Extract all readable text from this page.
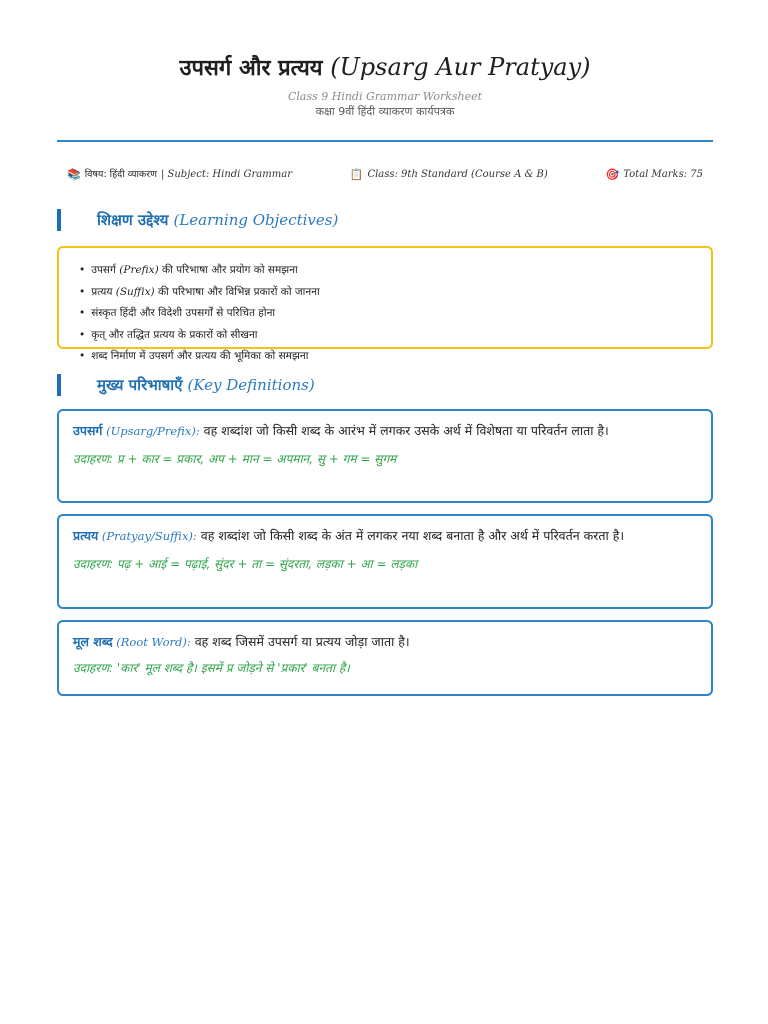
उपसर्ग और प्रत्यय (Upsarg Aur Pratyay)
Class 9 Hindi Grammar Worksheet
कक्षा 9वीं हिंदी व्याकरण कार्यपत्रक
📚 विषय: हिंदी व्याकरण | Subject: Hindi Grammar	📋 Class: 9th Standard (Course A & B)	🎯 Total Marks: 75
शिक्षण उद्देश्य (Learning Objectives)
• उपसर्ग (Prefix) की परिभाषा और प्रयोग को समझना
• प्रत्यय (Suffix) की परिभाषा और विभिन्न प्रकारों को जानना
• संस्कृत हिंदी और विदेशी उपसर्गों से परिचित होना
• कृत् और तद्धित प्रत्यय के प्रकारों को सीखना
• शब्द निर्माण में उपसर्ग और प्रत्यय की भूमिका को समझना
मुख्य परिभाषाएँ (Key Definitions)
उपसर्ग (Upsarg/Prefix): वह शब्दांश जो किसी शब्द के आरंभ में लगकर उसके अर्थ में विशेषता या परिवर्तन लाता है।
उदाहरण: प्र + कार = प्रकार, अप + मान = अपमान, सु + गम = सुगम
प्रत्यय (Pratyay/Suffix): वह शब्दांश जो किसी शब्द के अंत में लगकर नया शब्द बनाता है और अर्थ में परिवर्तन करता है।
उदाहरण: पढ़ + आई = पढ़ाई, सुंदर + ता = सुंदरता, लड़का + आ = लड़का
मूल शब्द (Root Word): वह शब्द जिसमें उपसर्ग या प्रत्यय जोड़ा जाता है।
उदाहरण: 'कार' मूल शब्द है। इसमें प्र जोड़ने से 'प्रकार' बनता है।
